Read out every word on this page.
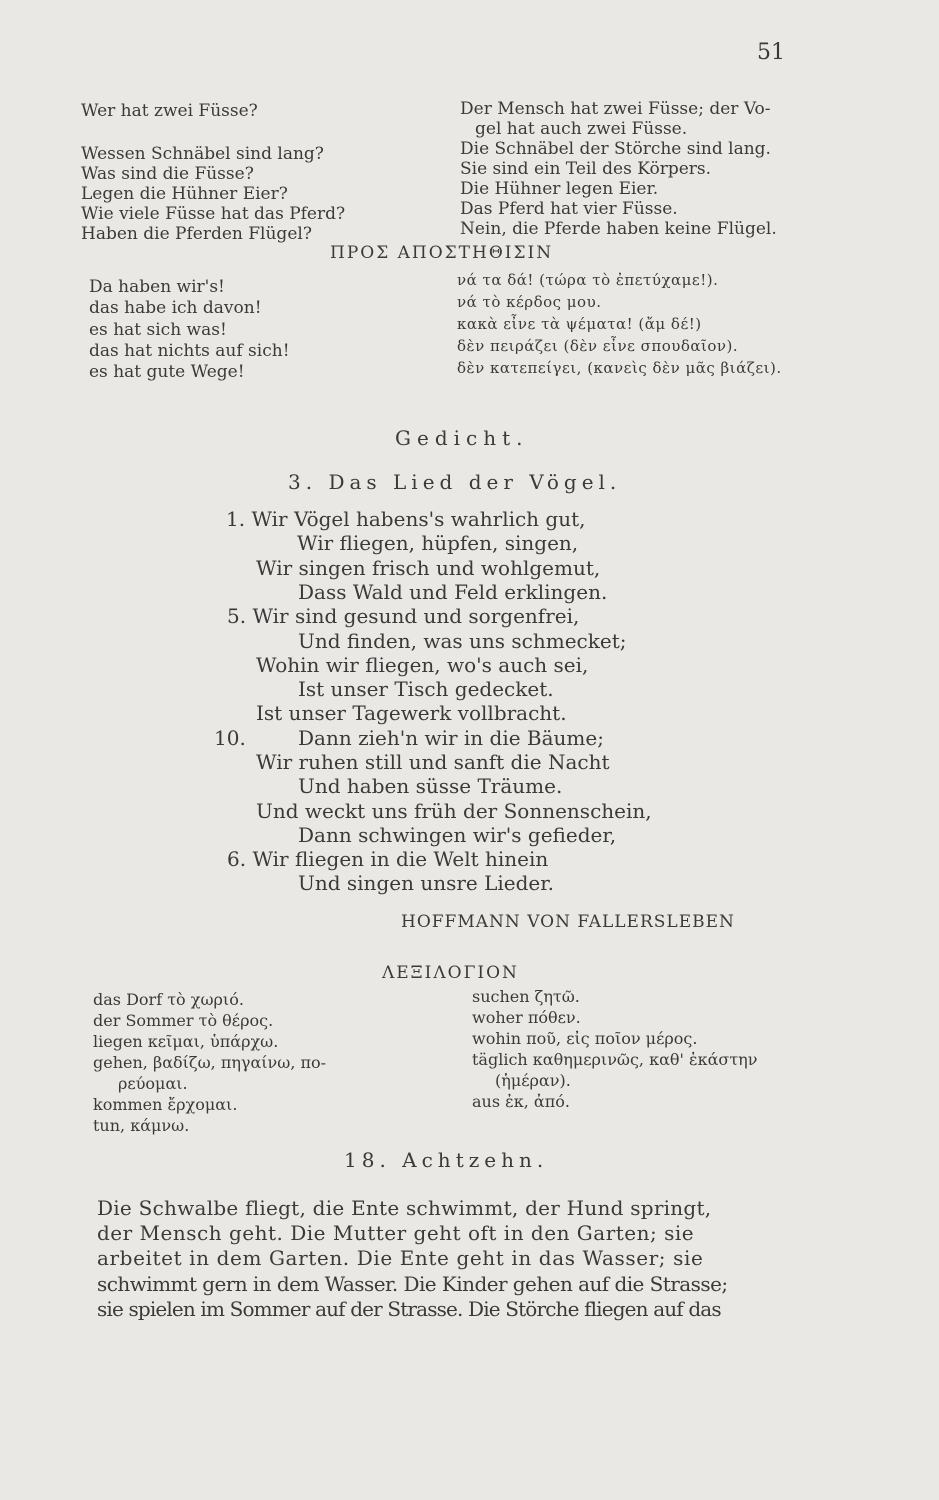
51
Wer hat zwei Füsse?
Wessen Schnäbel sind lang?
Was sind die Füsse?
Legen die Hühner Eier?
Wie viele Füsse hat das Pferd?
Haben die Pferden Flügel?
Der Mensch hat zwei Füsse; der Vo-
gel hat auch zwei Füsse.
Die Schnäbel der Störche sind lang.
Sie sind ein Teil des Körpers.
Die Hühner legen Eier.
Das Pferd hat vier Füsse.
Nein, die Pferde haben keine Flügel.
ΠΡΟΣ ΑΠΟΣΤΗΘΙΣΙΝ
Da haben wir's!
das habe ich davon!
es hat sich was!
das hat nichts auf sich!
es hat gute Wege!
νά τα δά! (τώρα τὸ ἐπετύχαμε!).
νά τὸ κέρδος μου.
κακὰ εἶνε τὰ ψέματα! (ἄμ δέ!)
δὲν πειράζει (δὲν εἶνε σπουδαῖον).
δὲν κατεπείγει, (κανεὶς δὲν μᾶς βιάζει).
Gedicht.
3. Das Lied der Vögel.
1. Wir Vögel habens's wahrlich gut,
Wir fliegen, hüpfen, singen,
Wir singen frisch und wohlgemut,
Dass Wald und Feld erklingen.
5. Wir sind gesund und sorgenfrei,
Und finden, was uns schmecket;
Wohin wir fliegen, wo's auch sei,
Ist unser Tisch gedecket.
Ist unser Tagewerk vollbracht.
10.	Dann zieh'n wir in die Bäume;
Wir ruhen still und sanft die Nacht
Und haben süsse Träume.
Und weckt uns früh der Sonnenschein,
Dann schwingen wir's gefieder,
6. Wir fliegen in die Welt hinein
Und singen unsre Lieder.
HOFFMANN VON FALLERSLEBEN
ΛΕΞΙΛΟΓΙΟΝ
das Dorf τὸ χωριό.
der Sommer τὸ θέρος.
liegen κεῖμαι, ὑπάρχω.
gehen, βαδίζω, πηγαίνω, πο-
ρεύομαι.
kommen ἔρχομαι.
tun, κάμνω.
suchen ζητῶ.
woher πόθεν.
wohin ποῦ, εἰς ποῖον μέρος.
täglich καθημερινῶς, καθ' ἑκάστην
(ἡμέραν).
aus ἐκ, ἀπό.
18. Achtzehn.
Die Schwalbe fliegt, die Ente schwimmt, der Hund springt,
der Mensch geht. Die Mutter geht oft in den Garten; sie
arbeitet in dem Garten. Die Ente geht in das Wasser; sie
schwimmt gern in dem Wasser. Die Kinder gehen auf die Strasse;
sie spielen im Sommer auf der Strasse. Die Störche fliegen auf das
